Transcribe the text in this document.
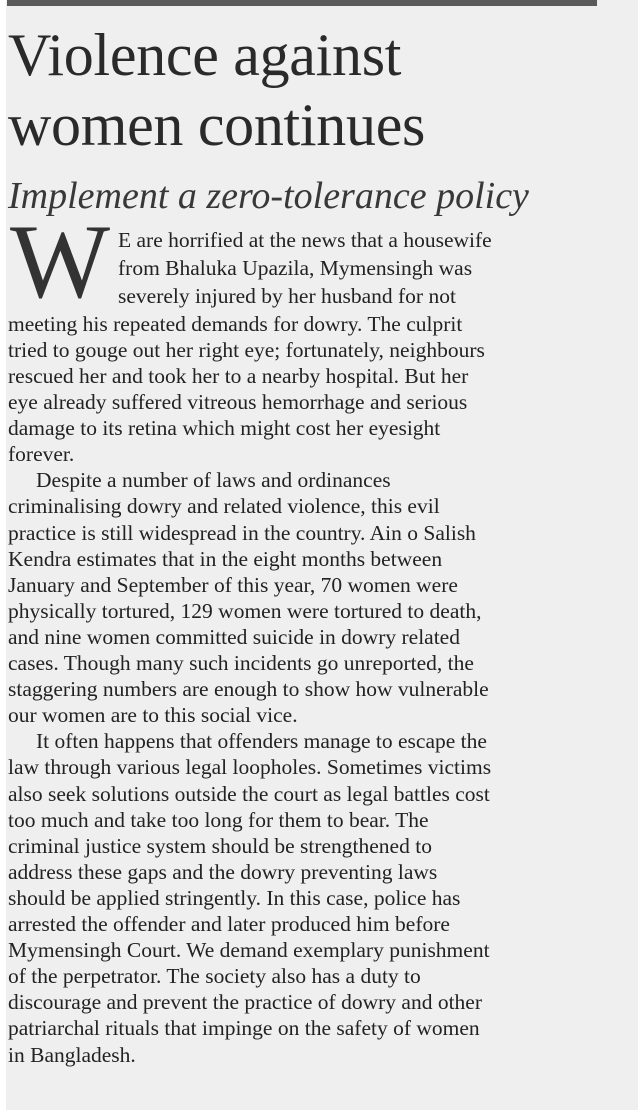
Violence against
women continues
Implement a zero-tolerance policy
W E are horrified at the news that a housewife
from Bhaluka Upazila, Mymensingh was
severely injured by her husband for not
meeting his repeated demands for dowry. The culprit
tried to gouge out her right eye; fortunately, neighbours
rescued her and took her to a nearby hospital. But her
eye already suffered vitreous hemorrhage and serious
damage to its retina which might cost her eyesight
forever.
Despite a number of laws and ordinances
criminalising dowry and related violence, this evil
practice is still widespread in the country. Ain o Salish
Kendra estimates that in the eight months between
January and September of this year, 70 women were
physically tortured, 129 women were tortured to death,
and nine women committed suicide in dowry related
cases. Though many such incidents go unreported, the
staggering numbers are enough to show how vulnerable
our women are to this social vice.
It often happens that offenders manage to escape the
law through various legal loopholes. Sometimes victims
also seek solutions outside the court as legal battles cost
too much and take too long for them to bear. The
criminal justice system should be strengthened to
address these gaps and the dowry preventing laws
should be applied stringently. In this case, police has
arrested the offender and later produced him before
Mymensingh Court. We demand exemplary punishment
of the perpetrator. The society also has a duty to
discourage and prevent the practice of dowry and other
patriarchal rituals that impinge on the safety of women
in Bangladesh.
